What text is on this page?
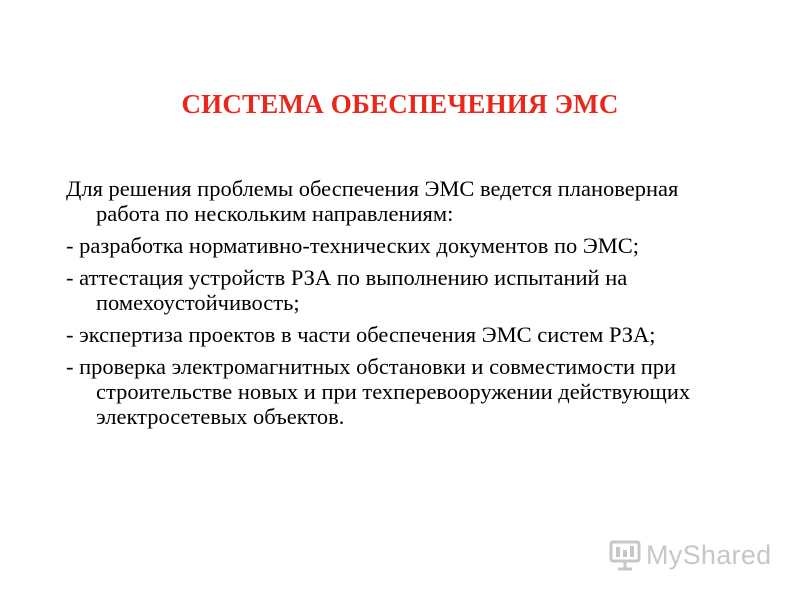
СИСТЕМА ОБЕСПЕЧЕНИЯ ЭМС

Для решения проблемы обеспечения ЭМС ведется плановерная работа по нескольким направлениям:

- разработка нормативно-технических документов по ЭМС;

- аттестация устройств РЗА по выполнению испытаний на помехоустойчивость;

- экспертиза проектов в части обеспечения ЭМС систем РЗА;

- проверка электромагнитных обстановки и совместимости при строительстве новых и при техперевооружении действующих электросетевых объектов.

MyShared
